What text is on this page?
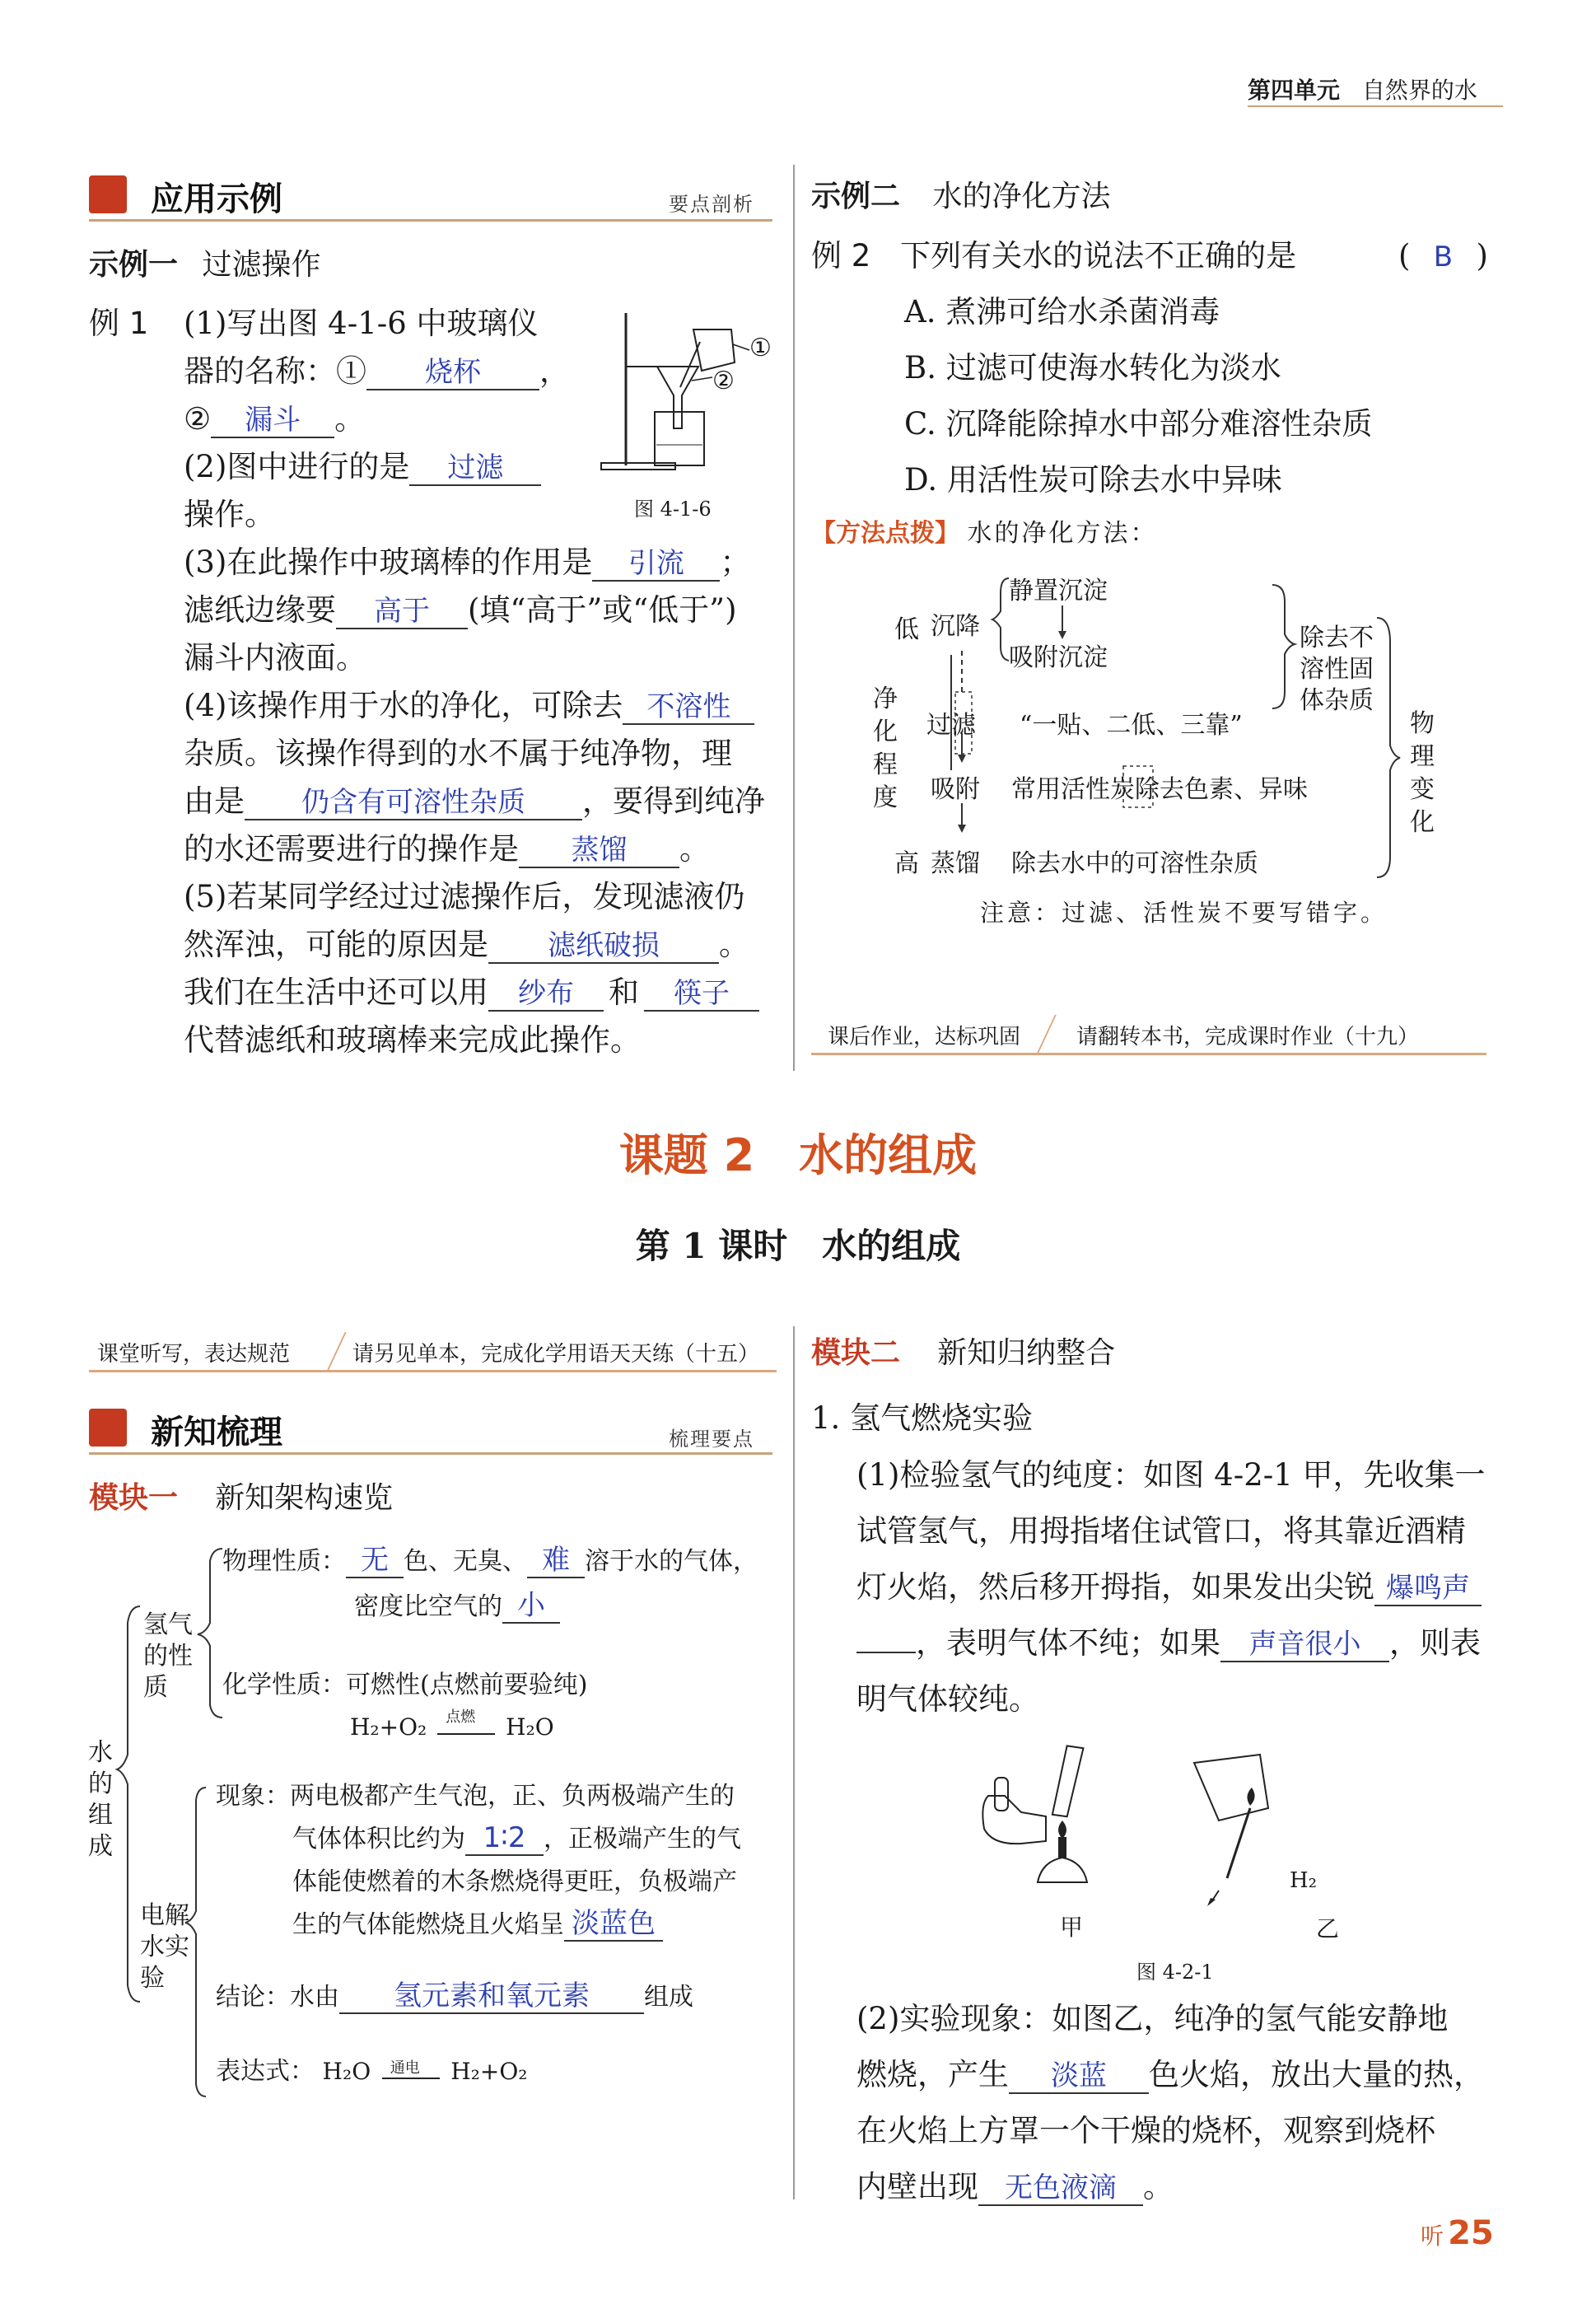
第四单元 自然界的水
应用示例	要点剖析
示例一 过滤操作
例 1 (1)写出图 4-1-6 中玻璃仪
器的名称：① 烧杯 ，
② 漏斗 。
(2)图中进行的是 过滤
操作。
①
②
图 4-1-6
(3)在此操作中玻璃棒的作用是 引流 ；
滤纸边缘要 高于 (填“高于”或“低于”)
漏斗内液面。
(4)该操作用于水的净化，可除去 不溶性
杂质。该操作得到的水不属于纯净物，理
由是 仍含有可溶性杂质 ，要得到纯净
的水还需要进行的操作是 蒸馏 。
(5)若某同学经过过滤操作后，发现滤液仍
然浑浊，可能的原因是 滤纸破损 。
我们在生活中还可以用 纱布 和 筷子
代替滤纸和玻璃棒来完成此操作。
示例二 水的净化方法
例 2 下列有关水的说法不正确的是	( B )
A. 煮沸可给水杀菌消毒
B. 过滤可使海水转化为淡水
C. 沉降能除掉水中部分难溶性杂质
D. 用活性炭可除去水中异味
【方法点拨】 水的净化方法：
低 沉降
静置沉淀
吸附沉淀
净
化
程
度
过滤 “一贴、二低、三靠”
吸附 常用活性炭除去色素、异味
高 蒸馏 除去水中的可溶性杂质
除去不
溶性固
体杂质
物
理
变
化
注意：过滤、活性炭不要写错字。
课后作业，达标巩固	请翻转本书，完成课时作业（十九）
课题 2　水的组成
第 1 课时　水的组成
课堂听写，表达规范	请另见单本，完成化学用语天天练（十五）
新知梳理	梳理要点
模块一 新知架构速览
水
的
组
成
氢气
的性
质
物理性质： 无 色、无臭、 难 溶于水的气体，
密度比空气的 小
化学性质：可燃性(点燃前要验纯)
H₂+O₂ 点燃 H₂O
电解
水实
验
现象：两电极都产生气泡，正、负两极端产生的
气体体积比约为 1∶2 ，正极端产生的气
体能使燃着的木条燃烧得更旺，负极端产
生的气体能燃烧且火焰呈 淡蓝色
结论：水由 氢元素和氧元素 组成
表达式： H₂O 通电 H₂+O₂
模块二 新知归纳整合
1. 氢气燃烧实验
(1)检验氢气的纯度：如图 4-2-1 甲，先收集一
试管氢气，用拇指堵住试管口，将其靠近酒精
灯火焰，然后移开拇指，如果发出尖锐 爆鸣声
，表明气体不纯；如果 声音很小 ，则表
明气体较纯。
H₂
甲	乙
图 4-2-1
(2)实验现象：如图乙，纯净的氢气能安静地
燃烧，产生 淡蓝 色火焰，放出大量的热，
在火焰上方罩一个干燥的烧杯，观察到烧杯
内壁出现 无色液滴 。
听 25
